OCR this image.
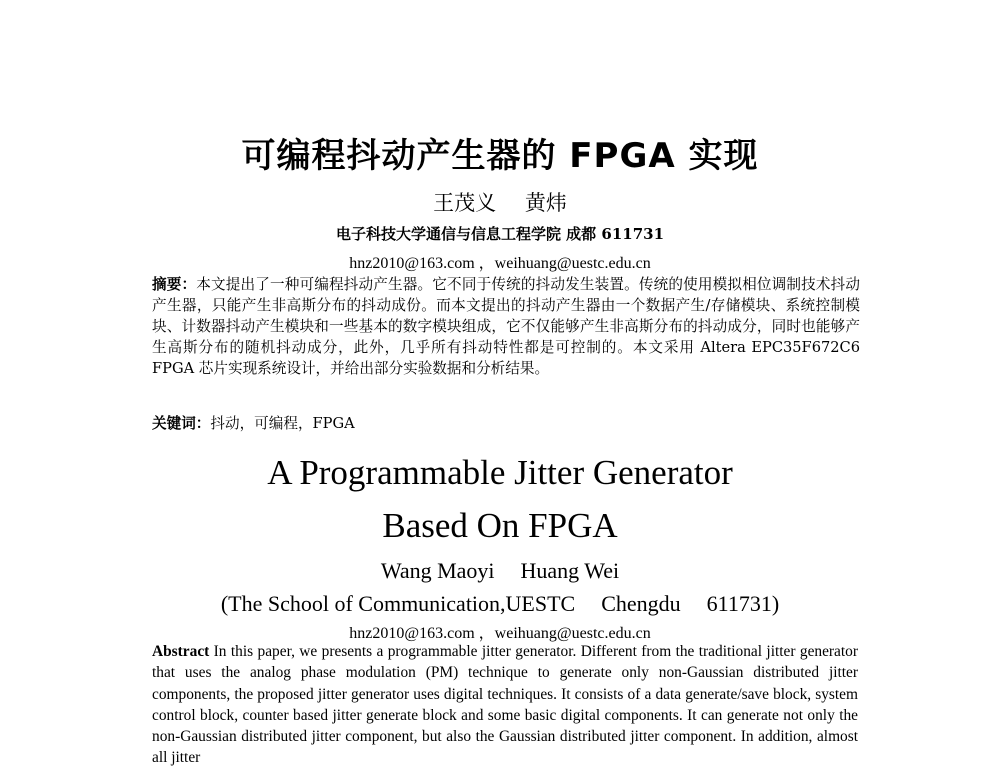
可编程抖动产生器的 FPGA 实现
王茂义 黄炜
电子科技大学通信与信息工程学院 成都 611731
hnz2010@163.com ，weihuang@uestc.edu.cn
摘要：本文提出了一种可编程抖动产生器。它不同于传统的抖动发生装置。传统的使用模拟相位调制技术抖动产生器，只能产生非高斯分布的抖动成份。而本文提出的抖动产生器由一个数据产生/存储模块、系统控制模块、计数器抖动产生模块和一些基本的数字模块组成，它不仅能够产生非高斯分布的抖动成分，同时也能够产生高斯分布的随机抖动成分，此外，几乎所有抖动特性都是可控制的。本文采用 Altera EPC35F672C6 FPGA 芯片实现系统设计，并给出部分实验数据和分析结果。
关键词：抖动，可编程，FPGA
A Programmable Jitter Generator
Based On FPGA
Wang Maoyi Huang Wei
(The School of Communication,UESTC Chengdu 611731)
hnz2010@163.com ，weihuang@uestc.edu.cn
Abstract In this paper, we presents a programmable jitter generator. Different from the traditional jitter generator that uses the analog phase modulation (PM) technique to generate only non-Gaussian distributed jitter components, the proposed jitter generator uses digital techniques. It consists of a data generate/save block, system control block, counter based jitter generate block and some basic digital components. It can generate not only the non-Gaussian distributed jitter component, but also the Gaussian distributed jitter component. In addition, almost all jitter
